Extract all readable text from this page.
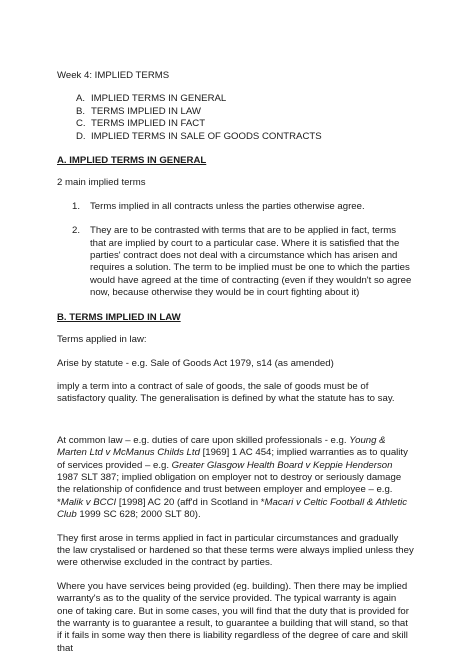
Week 4: IMPLIED TERMS
A. IMPLIED TERMS IN GENERAL
B. TERMS IMPLIED IN LAW
C. TERMS IMPLIED IN FACT
D. IMPLIED TERMS IN SALE OF GOODS CONTRACTS
A. IMPLIED TERMS IN GENERAL

2 main implied terms

1.	Terms implied in all contracts unless the parties otherwise agree.
2.	They are to be contrasted with terms that are to be applied in fact, terms that are implied by court to a particular case. Where it is satisfied that the parties' contract does not deal with a circumstance which has arisen and requires a solution. The term to be implied must be one to which the parties would have agreed at the time of contracting (even if they wouldn't so agree now, because otherwise they would be in court fighting about it)
B. TERMS IMPLIED IN LAW

Terms applied in law:

Arise by statute - e.g. Sale of Goods Act 1979, s14 (as amended)

imply a term into a contract of sale of goods, the sale of goods must be of satisfactory quality. The generalisation is defined by what the statute has to say.

At common law – e.g. duties of care upon skilled professionals - e.g. Young & Marten Ltd v McManus Childs Ltd [1969] 1 AC 454; implied warranties as to quality of services provided – e.g. Greater Glasgow Health Board v Keppie Henderson 1987 SLT 387; implied obligation on employer not to destroy or seriously damage the relationship of confidence and trust between employer and employee – e.g. *Malik v BCCI [1998] AC 20 (aff'd in Scotland in *Macari v Celtic Football & Athletic Club 1999 SC 628; 2000 SLT 80).

They first arose in terms applied in fact in particular circumstances and gradually the law crystalised or hardened so that these terms were always implied unless they were otherwise excluded in the contract by parties.

Where you have services being provided (eg. building). Then there may be implied warranty's as to the quality of the service provided. The typical warranty is again one of taking care. But in some cases, you will find that the duty that is provided for the warranty is to guarantee a result, to guarantee a building that will stand, so that if it fails in some way then there is liability regardless of the degree of care and skill that
